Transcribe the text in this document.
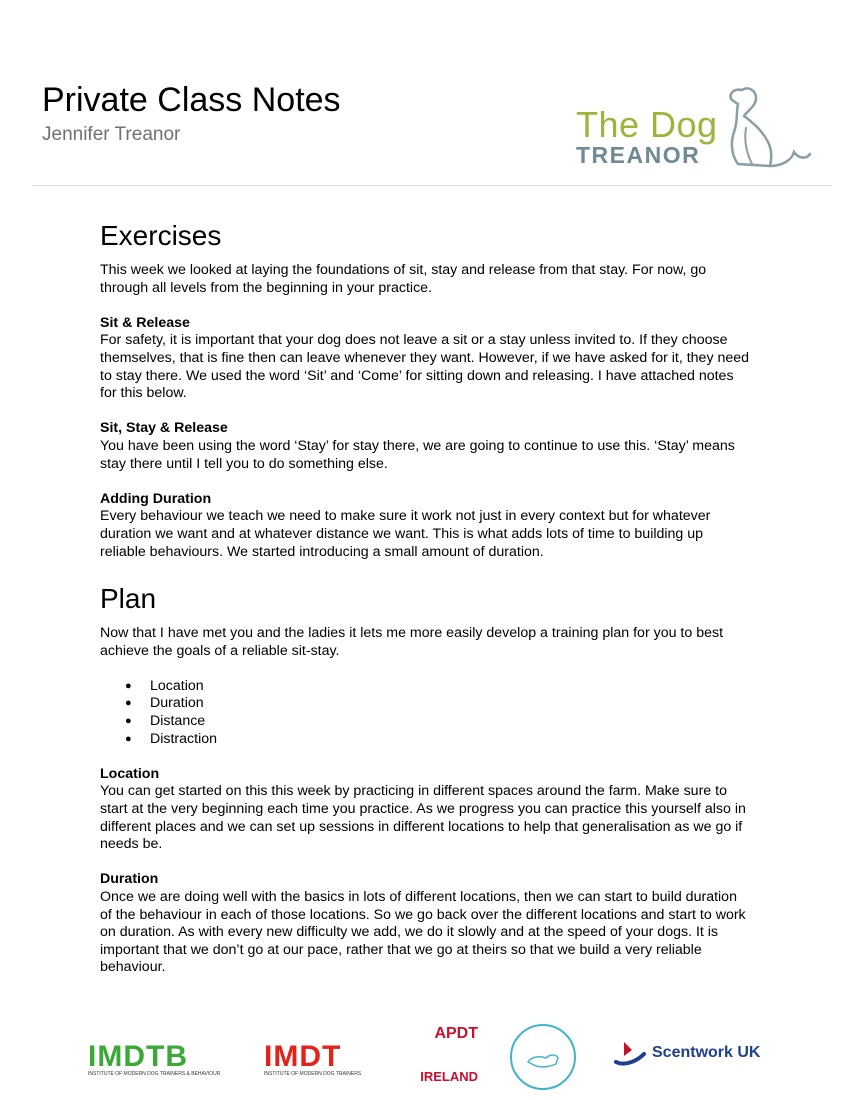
Private Class Notes
Jennifer Treanor	The Dog
TREANOR
Exercises

This week we looked at laying the foundations of sit, stay and release from that stay. For now, go through all levels from the beginning in your practice.

Sit & Release

For safety, it is important that your dog does not leave a sit or a stay unless invited to. If they choose themselves, that is fine then can leave whenever they want. However, if we have asked for it, they need to stay there. We used the word ‘Sit’ and ‘Come’ for sitting down and releasing. I have attached notes for this below.

Sit, Stay & Release

You have been using the word ‘Stay’ for stay there, we are going to continue to use this. ‘Stay’ means stay there until I tell you to do something else.

Adding Duration

Every behaviour we teach we need to make sure it work not just in every context but for whatever duration we want and at whatever distance we want. This is what adds lots of time to building up reliable behaviours. We started introducing a small amount of duration.

Plan

Now that I have met you and the ladies it lets me more easily develop a training plan for you to best achieve the goals of a reliable sit-stay.

● Location
● Duration
● Distance
● Distraction

Location

You can get started on this this week by practicing in different spaces around the farm. Make sure to start at the very beginning each time you practice. As we progress you can practice this yourself also in different places and we can set up sessions in different locations to help that generalisation as we go if needs be.

Duration

Once we are doing well with the basics in lots of different locations, then we can start to build duration of the behaviour in each of those locations. So we go back over the different locations and start to work on duration. As with every new difficulty we add, we do it slowly and at the speed of your dogs. It is important that we don’t go at our pace, rather that we go at theirs so that we build a very reliable behaviour.

IMDTB
INSTITUTE OF MODERN DOG TRAINERS & BEHAVIOUR
IMDT
INSTITUTE OF MODERN DOG TRAINERS
APDT
IRELAND
Scentwork UK
